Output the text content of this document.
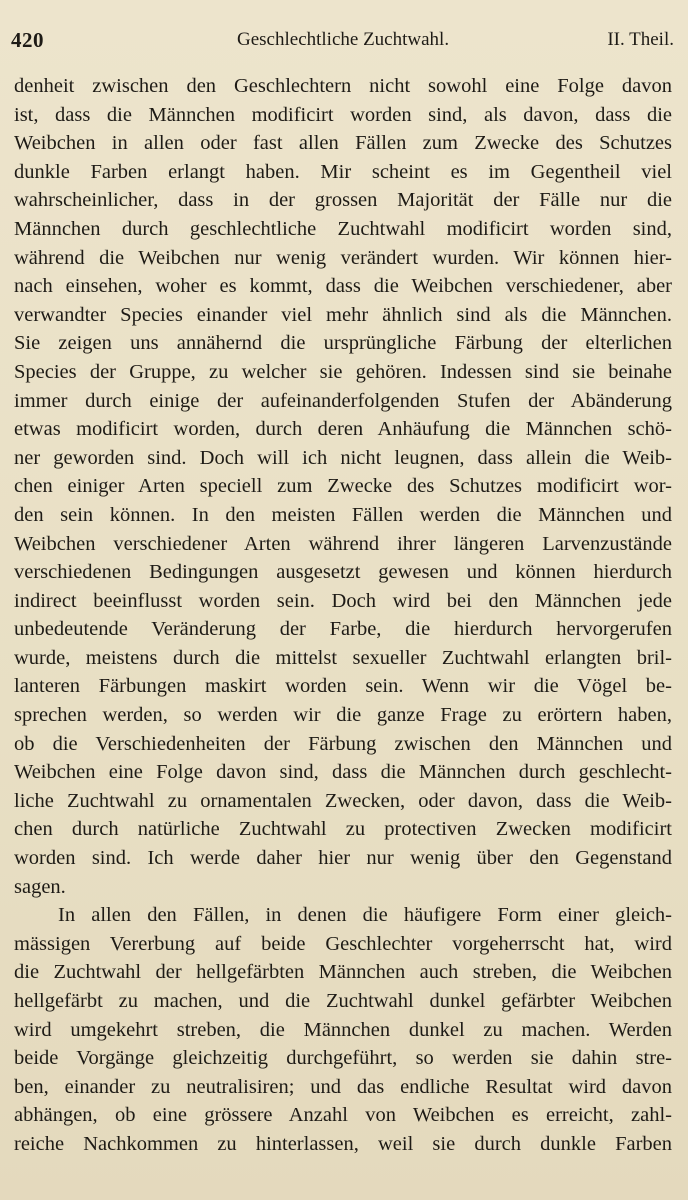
420	Geschlechtliche Zuchtwahl.	II. Theil.
denheit zwischen den Geschlechtern nicht sowohl eine Folge davon
ist, dass die Männchen modificirt worden sind, als davon, dass die
Weibchen in allen oder fast allen Fällen zum Zwecke des Schutzes
dunkle Farben erlangt haben. Mir scheint es im Gegentheil viel
wahrscheinlicher, dass in der grossen Majorität der Fälle nur die
Männchen durch geschlechtliche Zuchtwahl modificirt worden sind,
während die Weibchen nur wenig verändert wurden. Wir können hier-
nach einsehen, woher es kommt, dass die Weibchen verschiedener, aber
verwandter Species einander viel mehr ähnlich sind als die Männchen.
Sie zeigen uns annähernd die ursprüngliche Färbung der elterlichen
Species der Gruppe, zu welcher sie gehören. Indessen sind sie beinahe
immer durch einige der aufeinanderfolgenden Stufen der Abänderung
etwas modificirt worden, durch deren Anhäufung die Männchen schö-
ner geworden sind. Doch will ich nicht leugnen, dass allein die Weib-
chen einiger Arten speciell zum Zwecke des Schutzes modificirt wor-
den sein können. In den meisten Fällen werden die Männchen und
Weibchen verschiedener Arten während ihrer längeren Larvenzustände
verschiedenen Bedingungen ausgesetzt gewesen und können hierdurch
indirect beeinflusst worden sein. Doch wird bei den Männchen jede
unbedeutende Veränderung der Farbe, die hierdurch hervorgerufen
wurde, meistens durch die mittelst sexueller Zuchtwahl erlangten bril-
lanteren Färbungen maskirt worden sein. Wenn wir die Vögel be-
sprechen werden, so werden wir die ganze Frage zu erörtern haben,
ob die Verschiedenheiten der Färbung zwischen den Männchen und
Weibchen eine Folge davon sind, dass die Männchen durch geschlecht-
liche Zuchtwahl zu ornamentalen Zwecken, oder davon, dass die Weib-
chen durch natürliche Zuchtwahl zu protectiven Zwecken modificirt
worden sind. Ich werde daher hier nur wenig über den Gegenstand
sagen.
In allen den Fällen, in denen die häufigere Form einer gleich-
mässigen Vererbung auf beide Geschlechter vorgeherrscht hat, wird
die Zuchtwahl der hellgefärbten Männchen auch streben, die Weibchen
hellgefärbt zu machen, und die Zuchtwahl dunkel gefärbter Weibchen
wird umgekehrt streben, die Männchen dunkel zu machen. Werden
beide Vorgänge gleichzeitig durchgeführt, so werden sie dahin stre-
ben, einander zu neutralisiren; und das endliche Resultat wird davon
abhängen, ob eine grössere Anzahl von Weibchen es erreicht, zahl-
reiche Nachkommen zu hinterlassen, weil sie durch dunkle Farben
